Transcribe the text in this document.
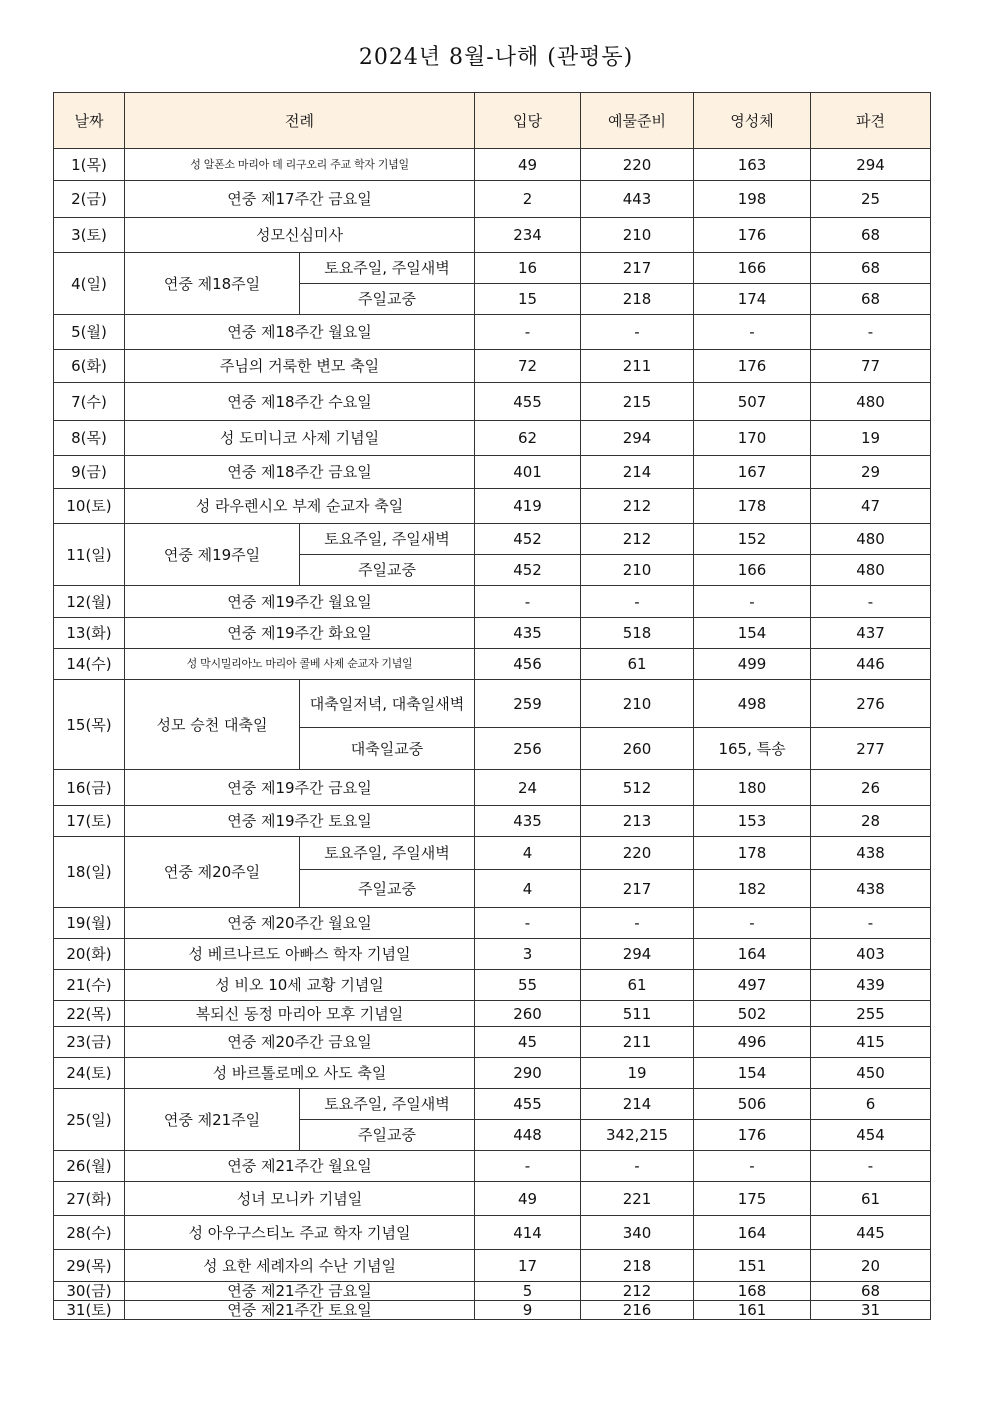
2024년 8월-나해 (관평동)
날짜	전례		입당	예물준비	영성체	파견
1(목)	성 알폰소 마리아 데 리구오리 주교 학자 기념일		49	220	163	294
2(금)	연중 제17주간 금요일		2	443	198	25
3(토)	성모신심미사		234	210	176	68
4(일)	연중 제18주일	토요주일, 주일새벽	16	217	166	68
		주일교중	15	218	174	68
5(월)	연중 제18주간 월요일		-	-	-	-
6(화)	주님의 거룩한 변모 축일		72	211	176	77
7(수)	연중 제18주간 수요일		455	215	507	480
8(목)	성 도미니코 사제 기념일		62	294	170	19
9(금)	연중 제18주간 금요일		401	214	167	29
10(토)	성 라우렌시오 부제 순교자 축일		419	212	178	47
11(일)	연중 제19주일	토요주일, 주일새벽	452	212	152	480
		주일교중	452	210	166	480
12(월)	연중 제19주간 월요일		-	-	-	-
13(화)	연중 제19주간 화요일		435	518	154	437
14(수)	성 막시밀리아노 마리아 콜베 사제 순교자 기념일		456	61	499	446
15(목)	성모 승천 대축일	대축일저녁, 대축일새벽	259	210	498	276
		대축일교중	256	260	165, 특송	277
16(금)	연중 제19주간 금요일		24	512	180	26
17(토)	연중 제19주간 토요일		435	213	153	28
18(일)	연중 제20주일	토요주일, 주일새벽	4	220	178	438
		주일교중	4	217	182	438
19(월)	연중 제20주간 월요일		-	-	-	-
20(화)	성 베르나르도 아빠스 학자 기념일		3	294	164	403
21(수)	성 비오 10세 교황 기념일		55	61	497	439
22(목)	복되신 동정 마리아 모후 기념일		260	511	502	255
23(금)	연중 제20주간 금요일		45	211	496	415
24(토)	성 바르톨로메오 사도 축일		290	19	154	450
25(일)	연중 제21주일	토요주일, 주일새벽	455	214	506	6
		주일교중	448	342,215	176	454
26(월)	연중 제21주간 월요일		-	-	-	-
27(화)	성녀 모니카 기념일		49	221	175	61
28(수)	성 아우구스티노 주교 학자 기념일		414	340	164	445
29(목)	성 요한 세례자의 수난 기념일		17	218	151	20
30(금)	연중 제21주간 금요일		5	212	168	68
31(토)	연중 제21주간 토요일		9	216	161	31
